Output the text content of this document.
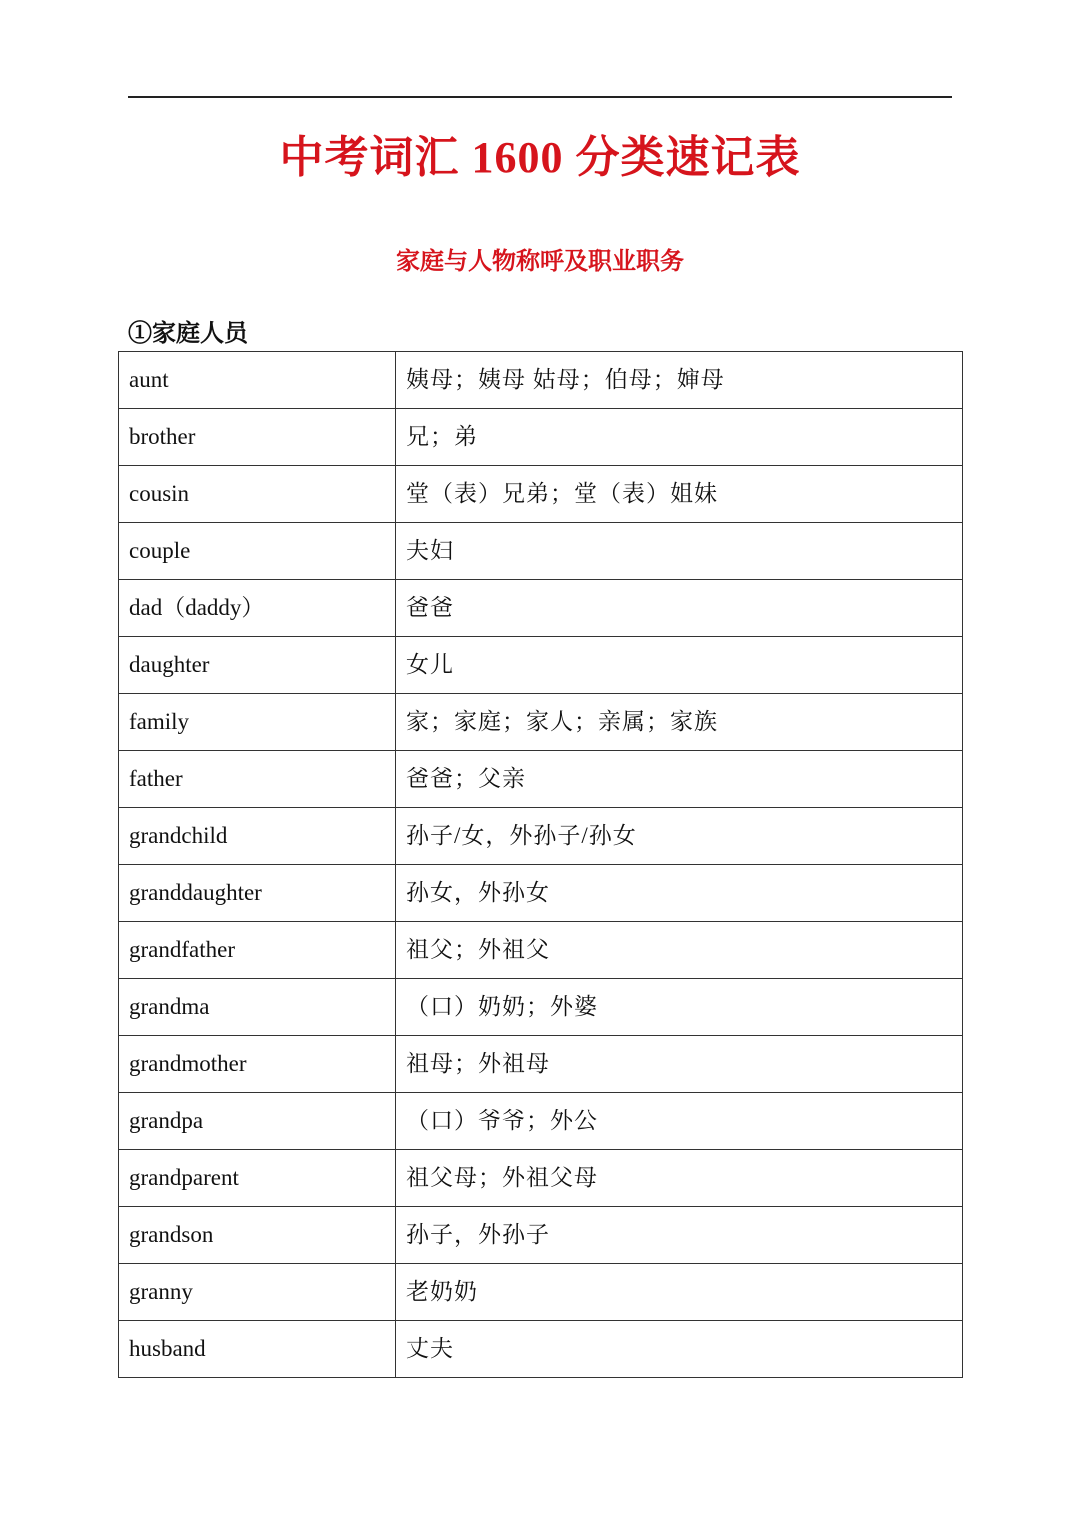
中考词汇 1600 分类速记表
家庭与人物称呼及职业职务
①家庭人员
aunt	姨母；姨母 姑母；伯母；婶母
brother	兄；弟
cousin	堂（表）兄弟；堂（表）姐妹
couple	夫妇
dad（daddy）	爸爸
daughter	女儿
family	家；家庭；家人；亲属；家族
father	爸爸；父亲
grandchild	孙子/女，外孙子/孙女
granddaughter	孙女，外孙女
grandfather	祖父；外祖父
grandma	（口）奶奶；外婆
grandmother	祖母；外祖母
grandpa	（口）爷爷；外公
grandparent	祖父母；外祖父母
grandson	孙子，外孙子
granny	老奶奶
husband	丈夫
